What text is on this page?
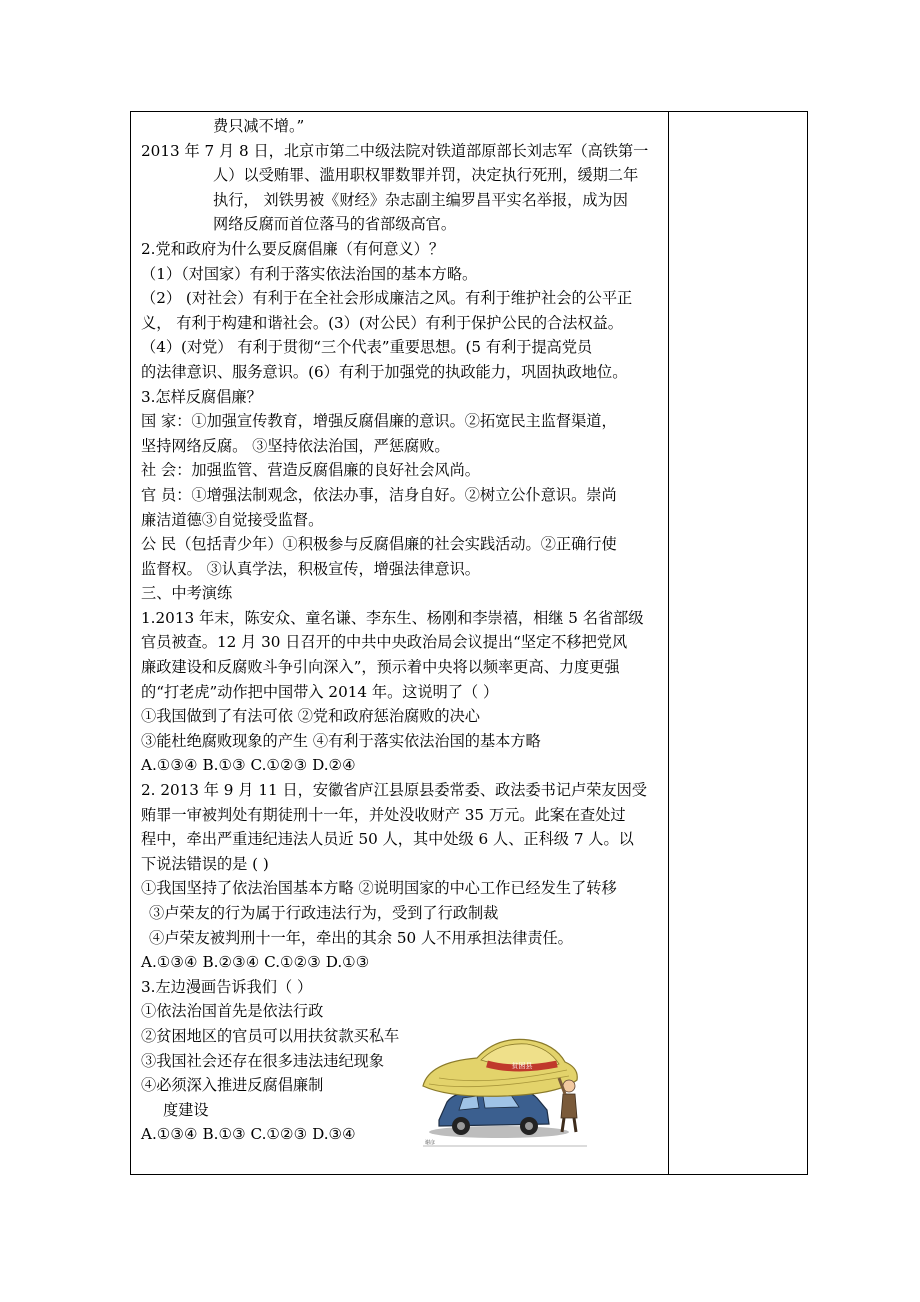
费只减不增。”
2013 年 7 月 8 日，北京市第二中级法院对铁道部原部长刘志军（高铁第一
人）以受贿罪、滥用职权罪数罪并罚，决定执行死刑，缓期二年
执行， 刘铁男被《财经》杂志副主编罗昌平实名举报，成为因
网络反腐而首位落马的省部级高官。
2.党和政府为什么要反腐倡廉（有何意义）？
（1）（对国家）有利于落实依法治国的基本方略。
（2） (对社会）有利于在全社会形成廉洁之风。有利于维护社会的公平正
义， 有利于构建和谐社会。(3）(对公民）有利于保护公民的合法权益。
（4）(对党） 有利于贯彻“三个代表”重要思想。(5 有利于提高党员
的法律意识、服务意识。(6）有利于加强党的执政能力，巩固执政地位。
3.怎样反腐倡廉？
国 家：①加强宣传教育，增强反腐倡廉的意识。②拓宽民主监督渠道，
坚持网络反腐。 ③坚持依法治国，严惩腐败。
社 会：加强监管、营造反腐倡廉的良好社会风尚。
官 员：①增强法制观念，依法办事，洁身自好。②树立公仆意识。崇尚
廉洁道德③自觉接受监督。
公 民（包括青少年）①积极参与反腐倡廉的社会实践活动。②正确行使
监督权。 ③认真学法，积极宣传，增强法律意识。
三、中考演练
1.2013 年末，陈安众、童名谦、李东生、杨刚和李崇禧，相继 5 名省部级
官员被查。12 月 30 日召开的中共中央政治局会议提出“坚定不移把党风
廉政建设和反腐败斗争引向深入”，预示着中央将以频率更高、力度更强
的“打老虎”动作把中国带入 2014 年。这说明了（ ）
①我国做到了有法可依 ②党和政府惩治腐败的决心
③能杜绝腐败现象的产生 ④有利于落实依法治国的基本方略
A.①③④ B.①③ C.①②③ D.②④
2. 2013 年 9 月 11 日，安徽省庐江县原县委常委、政法委书记卢荣友因受
贿罪一审被判处有期徒刑十一年，并处没收财产 35 万元。此案在查处过
程中，牵出严重违纪违法人员近 50 人，其中处级 6 人、正科级 7 人。以
下说法错误的是 ( )
①我国坚持了依法治国基本方略 ②说明国家的中心工作已经发生了转移
③卢荣友的行为属于行政违法行为，受到了行政制裁
④卢荣友被判刑十一年，牵出的其余 50 人不用承担法律责任。
A.①③④ B.②③④ C.①②③ D.①③
3.左边漫画告诉我们（ ）
①依法治国首先是依法行政
②贫困地区的官员可以用扶贫款买私车
③我国社会还存在很多违法违纪现象
④必须深入推进反腐倡廉制
度建设
A.①③④ B.①③ C.①②③ D.③④
贫困县
谢彦
